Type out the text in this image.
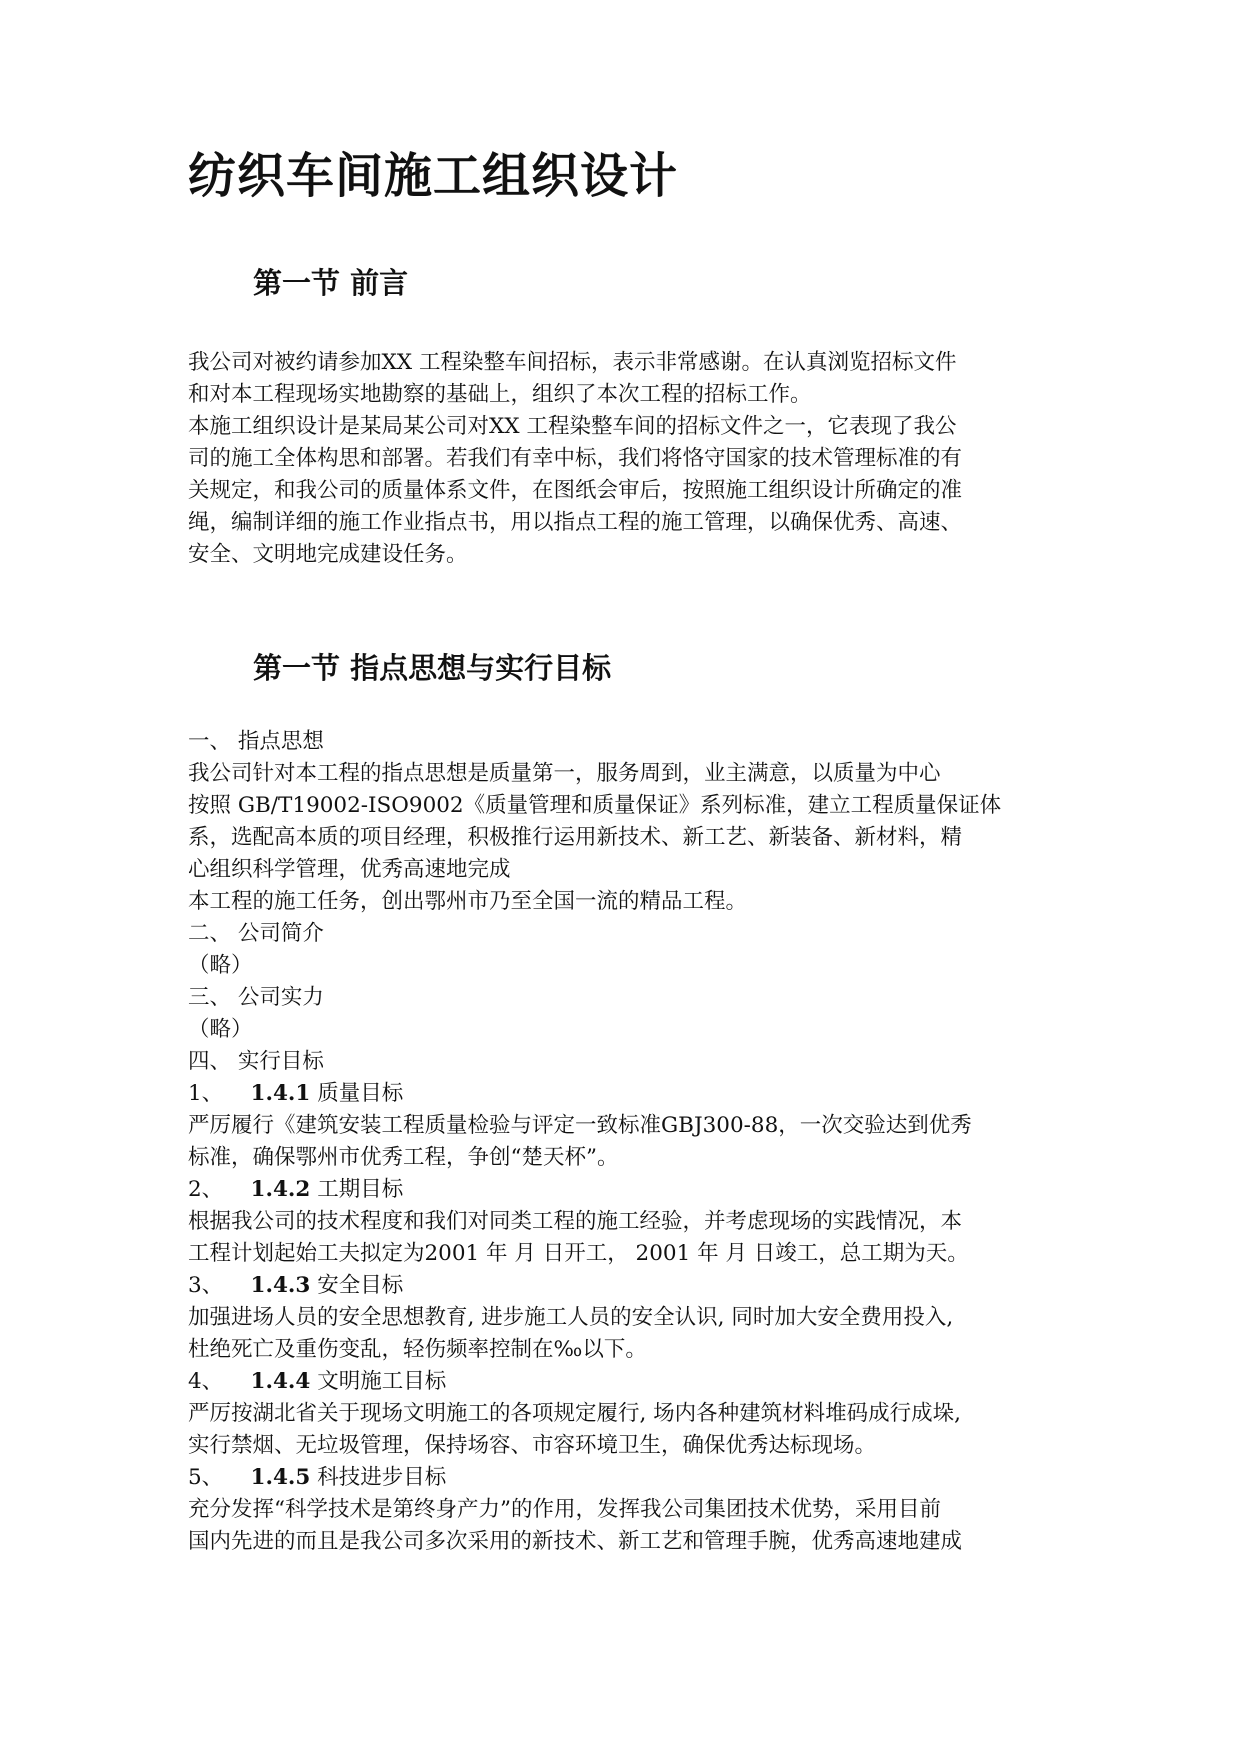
纺织车间施工组织设计
第一节 前言

我公司对被约请参加XX 工程染整车间招标，表示非常感谢。在认真浏览招标文件

和对本工程现场实地勘察的基础上，组织了本次工程的招标工作。

本施工组织设计是某局某公司对XX 工程染整车间的招标文件之一，它表现了我公

司的施工全体构思和部署。若我们有幸中标，我们将恪守国家的技术管理标准的有

关规定，和我公司的质量体系文件，在图纸会审后，按照施工组织设计所确定的准

绳，编制详细的施工作业指点书，用以指点工程的施工管理，以确保优秀、高速、

安全、文明地完成建设任务。

第一节 指点思想与实行目标

一、 指点思想

我公司针对本工程的指点思想是质量第一，服务周到，业主满意，以质量为中心

按照 GB/T19002-ISO9002《质量管理和质量保证》系列标准，建立工程质量保证体

系，选配高本质的项目经理，积极推行运用新技术、新工艺、新装备、新材料，精

心组织科学管理，优秀高速地完成

本工程的施工任务，创出鄂州市乃至全国一流的精品工程。

二、 公司简介

（略）

三、 公司实力

（略）

四、 实行目标

1、 1.4.1 质量目标

严厉履行《建筑安装工程质量检验与评定一致标准GBJ300-88，一次交验达到优秀

标准，确保鄂州市优秀工程，争创“楚天杯”。

2、 1.4.2 工期目标

根据我公司的技术程度和我们对同类工程的施工经验，并考虑现场的实践情况，本

工程计划起始工夫拟定为2001 年 月 日开工， 2001 年 月 日竣工，总工期为天。

3、 1.4.3 安全目标

加强进场人员的安全思想教育, 进步施工人员的安全认识, 同时加大安全费用投入,

杜绝死亡及重伤变乱，轻伤频率控制在‰以下。

4、 1.4.4 文明施工目标

严厉按湖北省关于现场文明施工的各项规定履行, 场内各种建筑材料堆码成行成垛,

实行禁烟、无垃圾管理，保持场容、市容环境卫生，确保优秀达标现场。

5、 1.4.5 科技进步目标

充分发挥“科学技术是第终身产力”的作用，发挥我公司集团技术优势，采用目前

国内先进的而且是我公司多次采用的新技术、新工艺和管理手腕，优秀高速地建成
